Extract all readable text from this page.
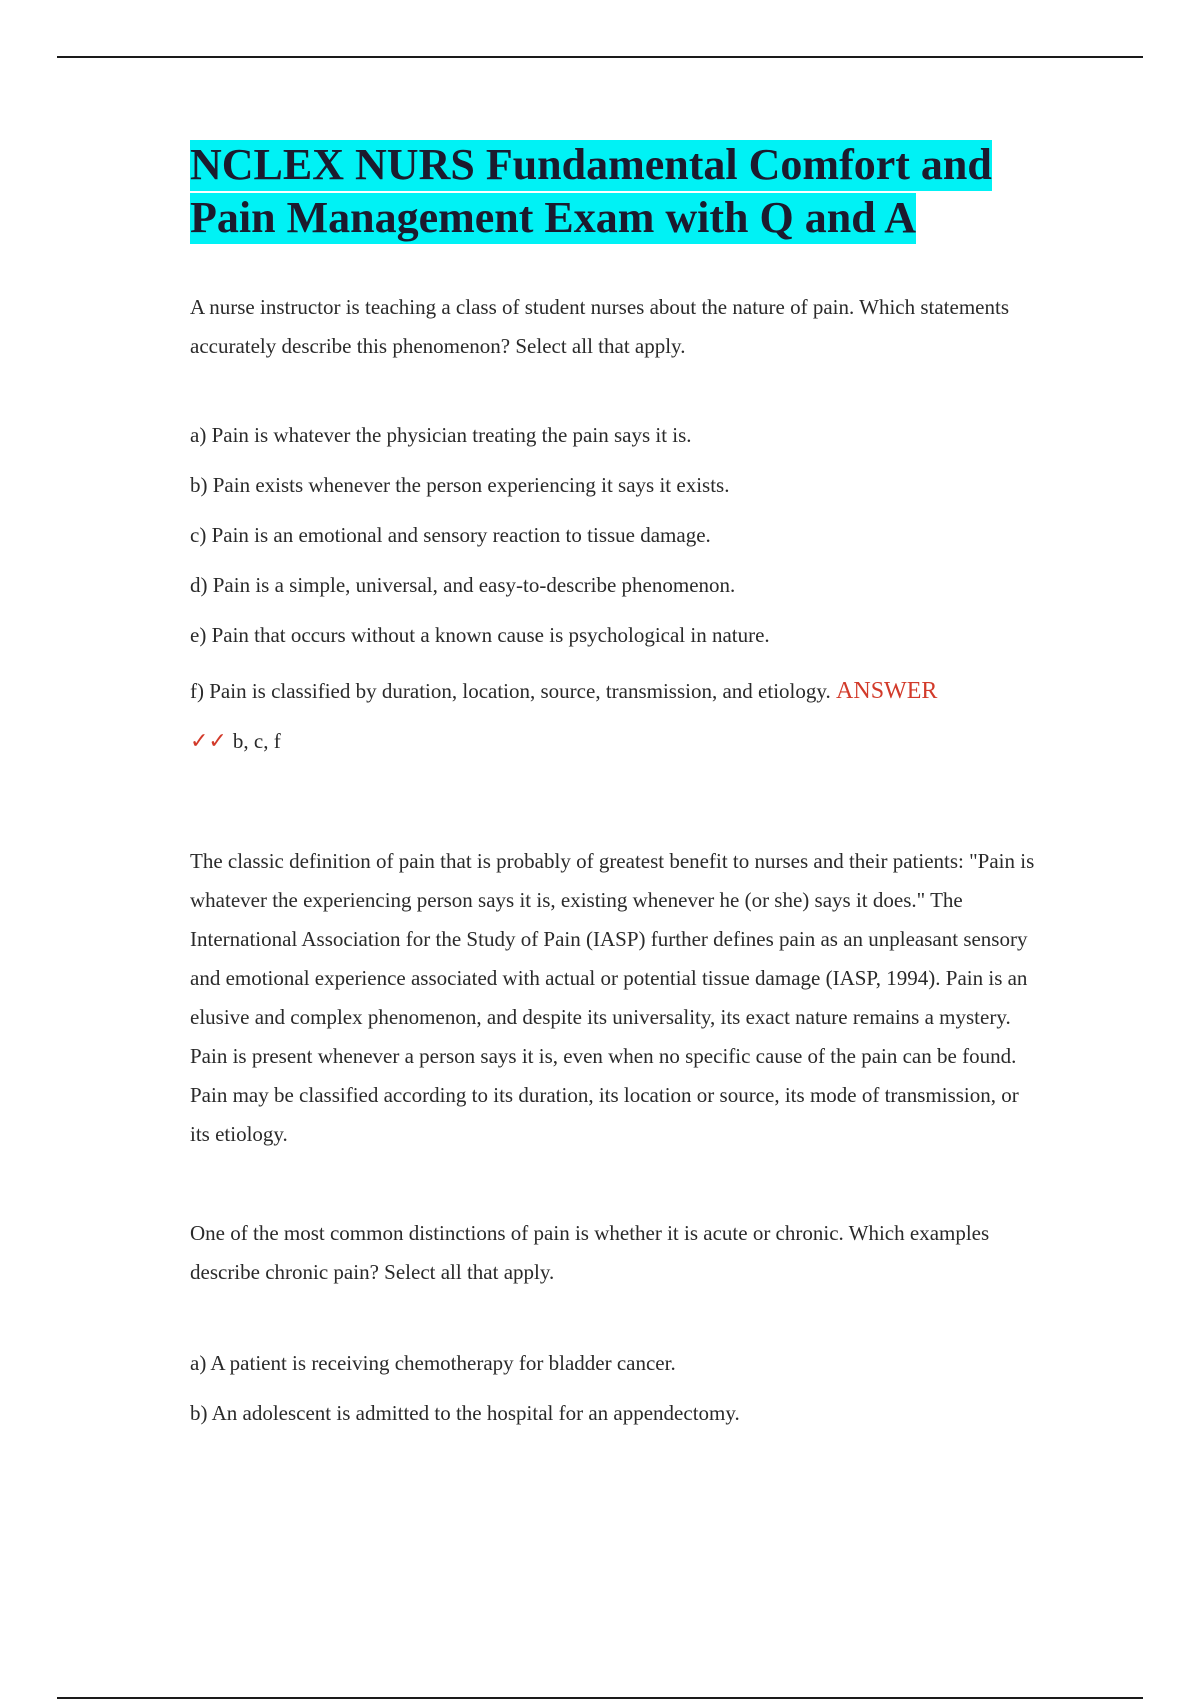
NCLEX NURS Fundamental Comfort and
Pain Management Exam with Q and A

A nurse instructor is teaching a class of student nurses about the nature of pain. Which statements accurately describe this phenomenon? Select all that apply.

a) Pain is whatever the physician treating the pain says it is.

b) Pain exists whenever the person experiencing it says it exists.

c) Pain is an emotional and sensory reaction to tissue damage.

d) Pain is a simple, universal, and easy-to-describe phenomenon.

e) Pain that occurs without a known cause is psychological in nature.

f) Pain is classified by duration, location, source, transmission, and etiology. ANSWER
✓✓ b, c, f

The classic definition of pain that is probably of greatest benefit to nurses and their patients: "Pain is whatever the experiencing person says it is, existing whenever he (or she) says it does." The International Association for the Study of Pain (IASP) further defines pain as an unpleasant sensory and emotional experience associated with actual or potential tissue damage (IASP, 1994). Pain is an elusive and complex phenomenon, and despite its universality, its exact nature remains a mystery. Pain is present whenever a person says it is, even when no specific cause of the pain can be found. Pain may be classified according to its duration, its location or source, its mode of transmission, or its etiology.

One of the most common distinctions of pain is whether it is acute or chronic. Which examples describe chronic pain? Select all that apply.

a) A patient is receiving chemotherapy for bladder cancer.

b) An adolescent is admitted to the hospital for an appendectomy.
